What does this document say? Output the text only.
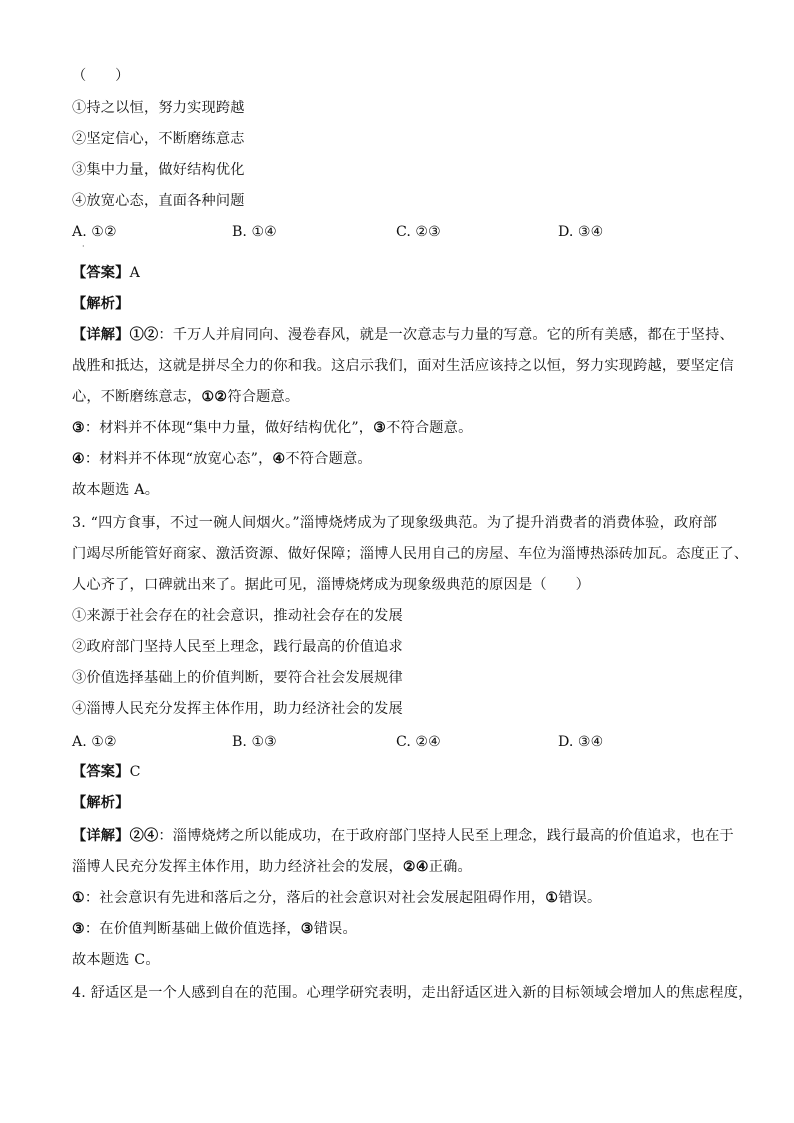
（　　）
①持之以恒，努力实现跨越
②坚定信心，不断磨练意志
③集中力量，做好结构优化
④放宽心态，直面各种问题
A. ①②	B. ①④	C. ②③	D. ③④
·
【答案】A
【解析】
【详解】①②：千万人并肩同向、漫卷春风，就是一次意志与力量的写意。它的所有美感，都在于坚持、
战胜和抵达，这就是拼尽全力的你和我。这启示我们，面对生活应该持之以恒，努力实现跨越，要坚定信
心，不断磨练意志，①②符合题意。
③：材料并不体现“集中力量，做好结构优化”，③不符合题意。
④：材料并不体现“放宽心态”，④不符合题意。
故本题选 A。
3. “四方食事，不过一碗人间烟火。”淄博烧烤成为了现象级典范。为了提升消费者的消费体验，政府部
门竭尽所能管好商家、激活资源、做好保障；淄博人民用自己的房屋、车位为淄博热添砖加瓦。态度正了、
人心齐了，口碑就出来了。据此可见，淄博烧烤成为现象级典范的原因是（　　）
①来源于社会存在的社会意识，推动社会存在的发展
②政府部门坚持人民至上理念，践行最高的价值追求
③价值选择基础上的价值判断，要符合社会发展规律
④淄博人民充分发挥主体作用，助力经济社会的发展
A. ①②	B. ①③	C. ②④	D. ③④
【答案】C
【解析】
【详解】②④：淄博烧烤之所以能成功，在于政府部门坚持人民至上理念，践行最高的价值追求，也在于
淄博人民充分发挥主体作用，助力经济社会的发展，②④正确。
①：社会意识有先进和落后之分，落后的社会意识对社会发展起阻碍作用，①错误。
③：在价值判断基础上做价值选择，③错误。
故本题选 C。
4. 舒适区是一个人感到自在的范围。心理学研究表明，走出舒适区进入新的目标领域会增加人的焦虑程度，
